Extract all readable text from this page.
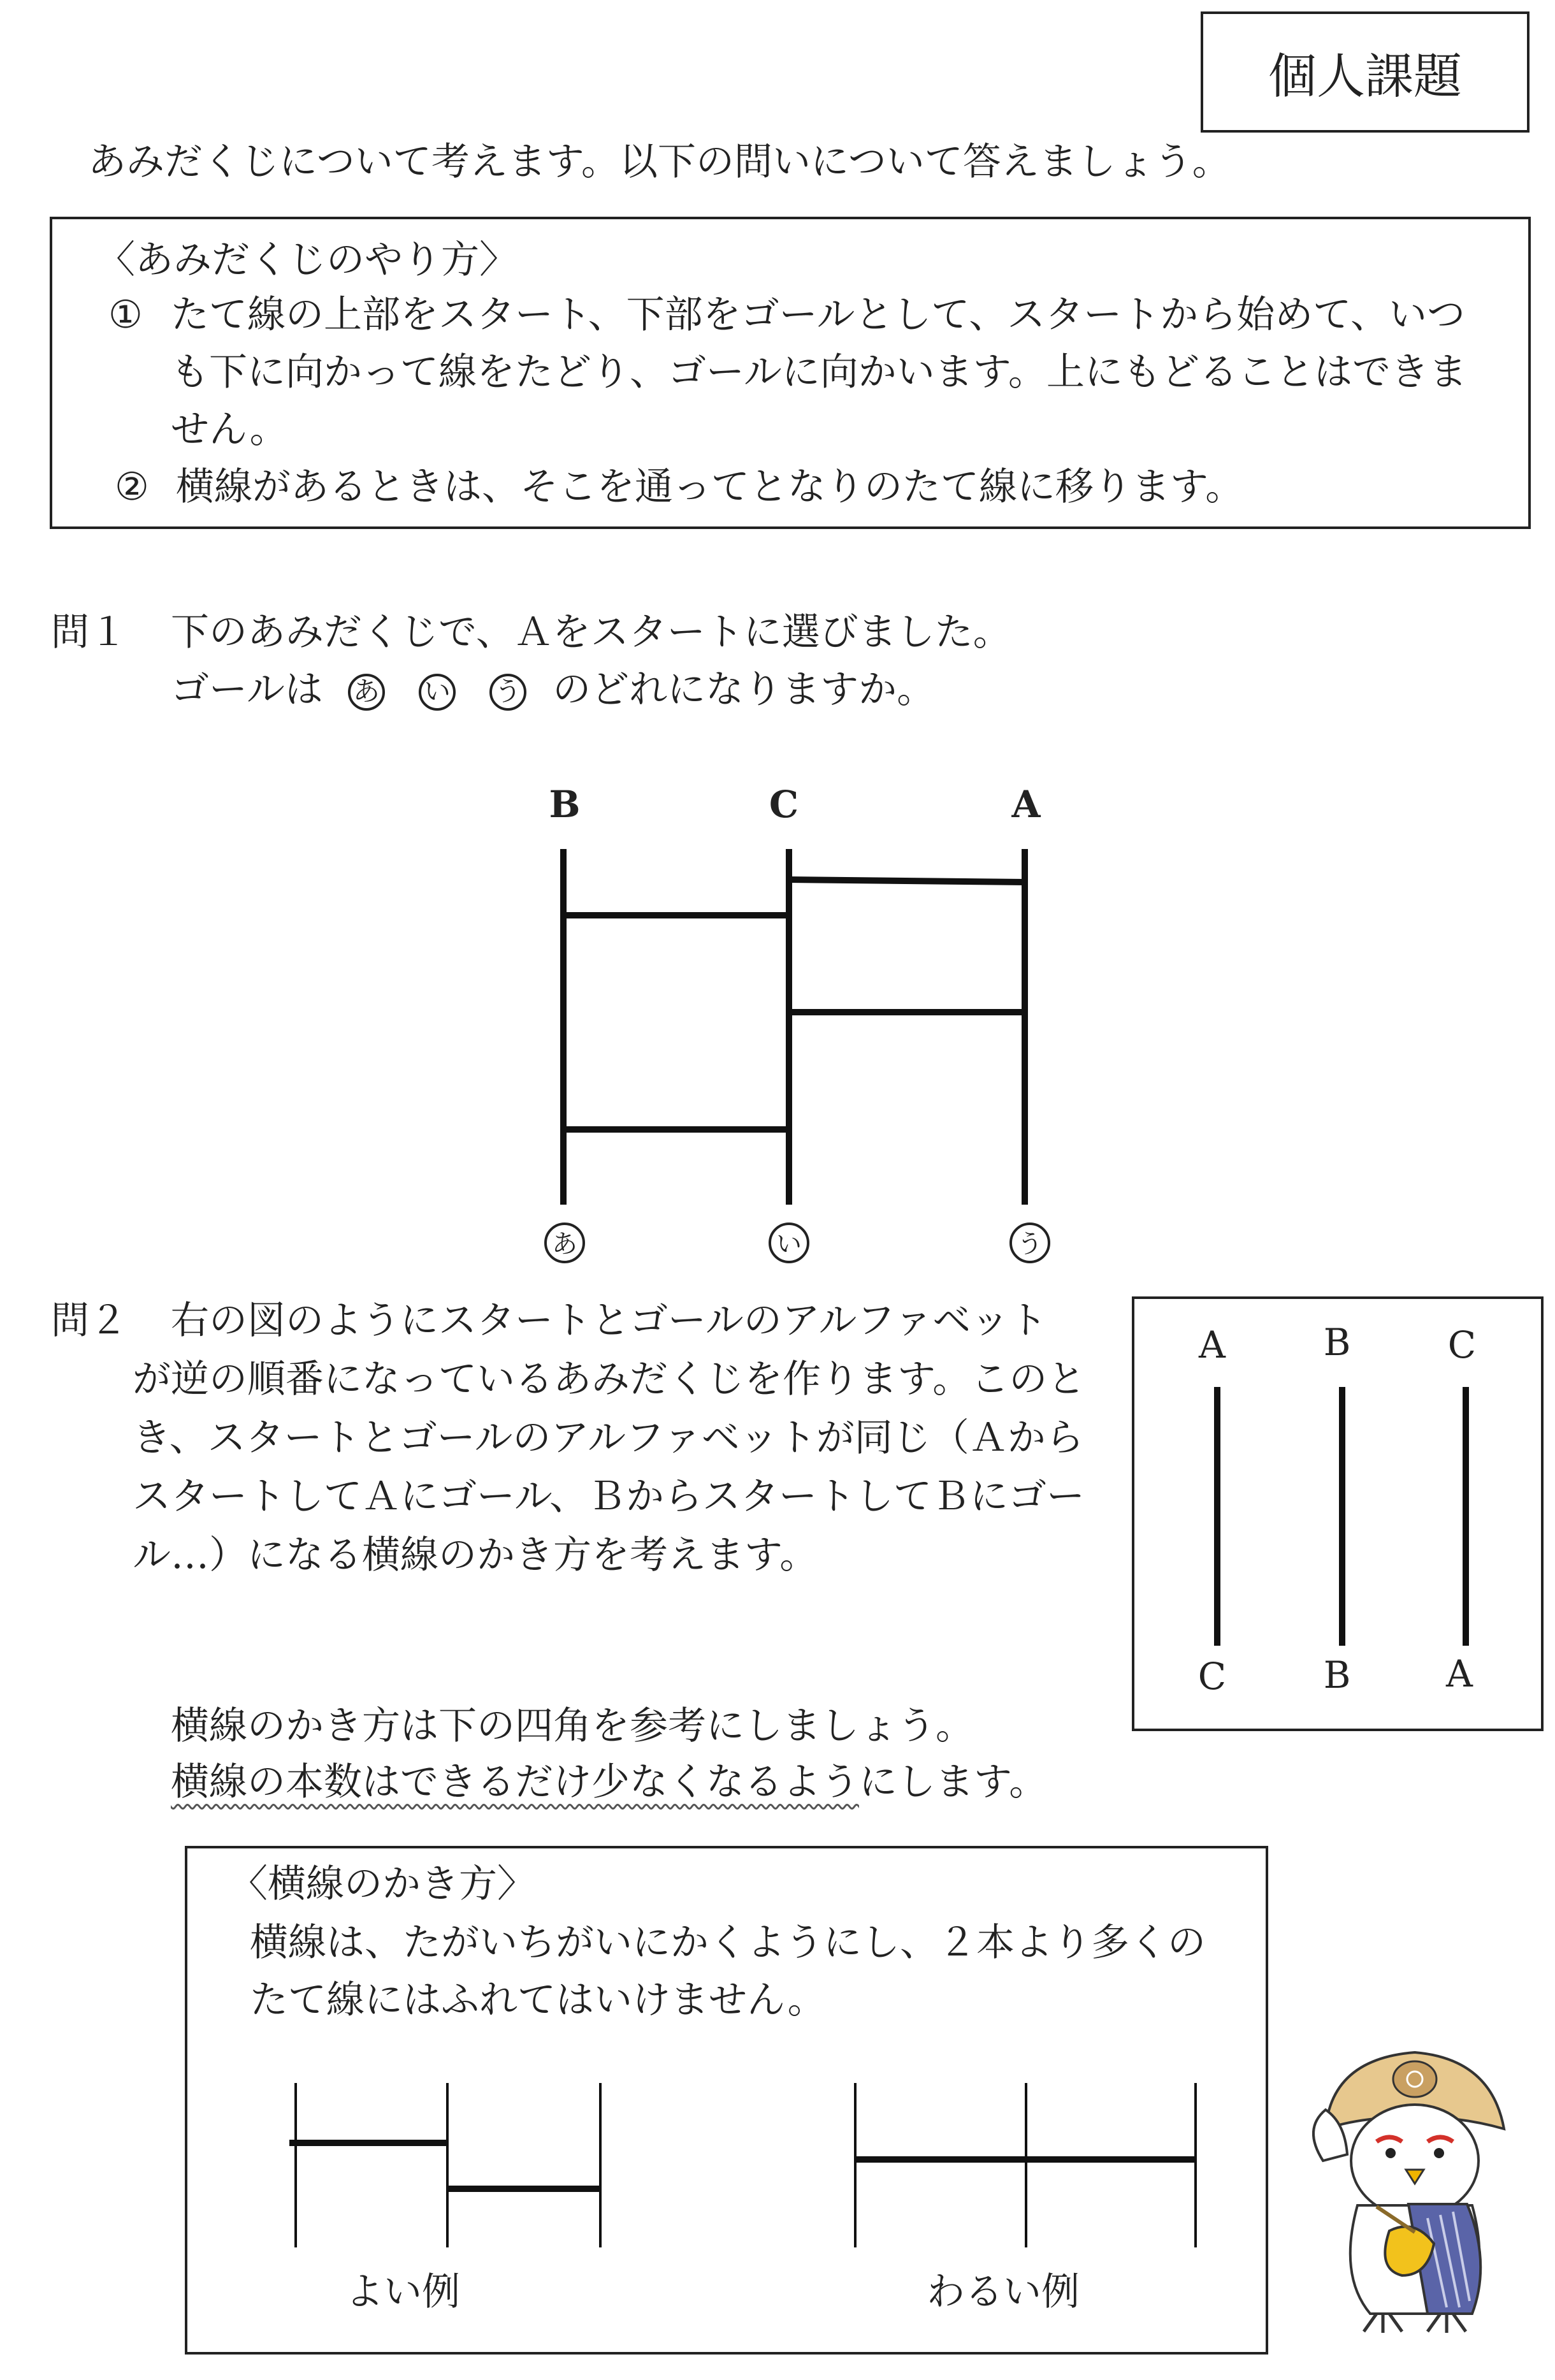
個人課題
あみだくじについて考えます。以下の問いについて答えましょう。
〈あみだくじのやり方〉
① たて線の上部をスタート、下部をゴールとして、スタートから始めて、いつ
も下に向かって線をたどり、ゴールに向かいます。上にもどることはできま
せん。
② 横線があるときは、そこを通ってとなりのたて線に移ります。
問１ 下のあみだくじで、Ａをスタートに選びました。
ゴールは あ い う のどれになりますか。
B	C	A
あ	い	う
問２ 右の図のようにスタートとゴールのアルファベット
が逆の順番になっているあみだくじを作ります。このと
き、スタートとゴールのアルファベットが同じ（Ａから
スタートしてＡにゴール、ＢからスタートしてＢにゴー
ル…）になる横線のかき方を考えます。
A	B	C
C	B	A
横線のかき方は下の四角を参考にしましょう。
横線の本数はできるだけ少なくなるようにします。
〈横線のかき方〉
横線は、たがいちがいにかくようにし、２本より多くの
たて線にはふれてはいけません。
よい例	わるい例
